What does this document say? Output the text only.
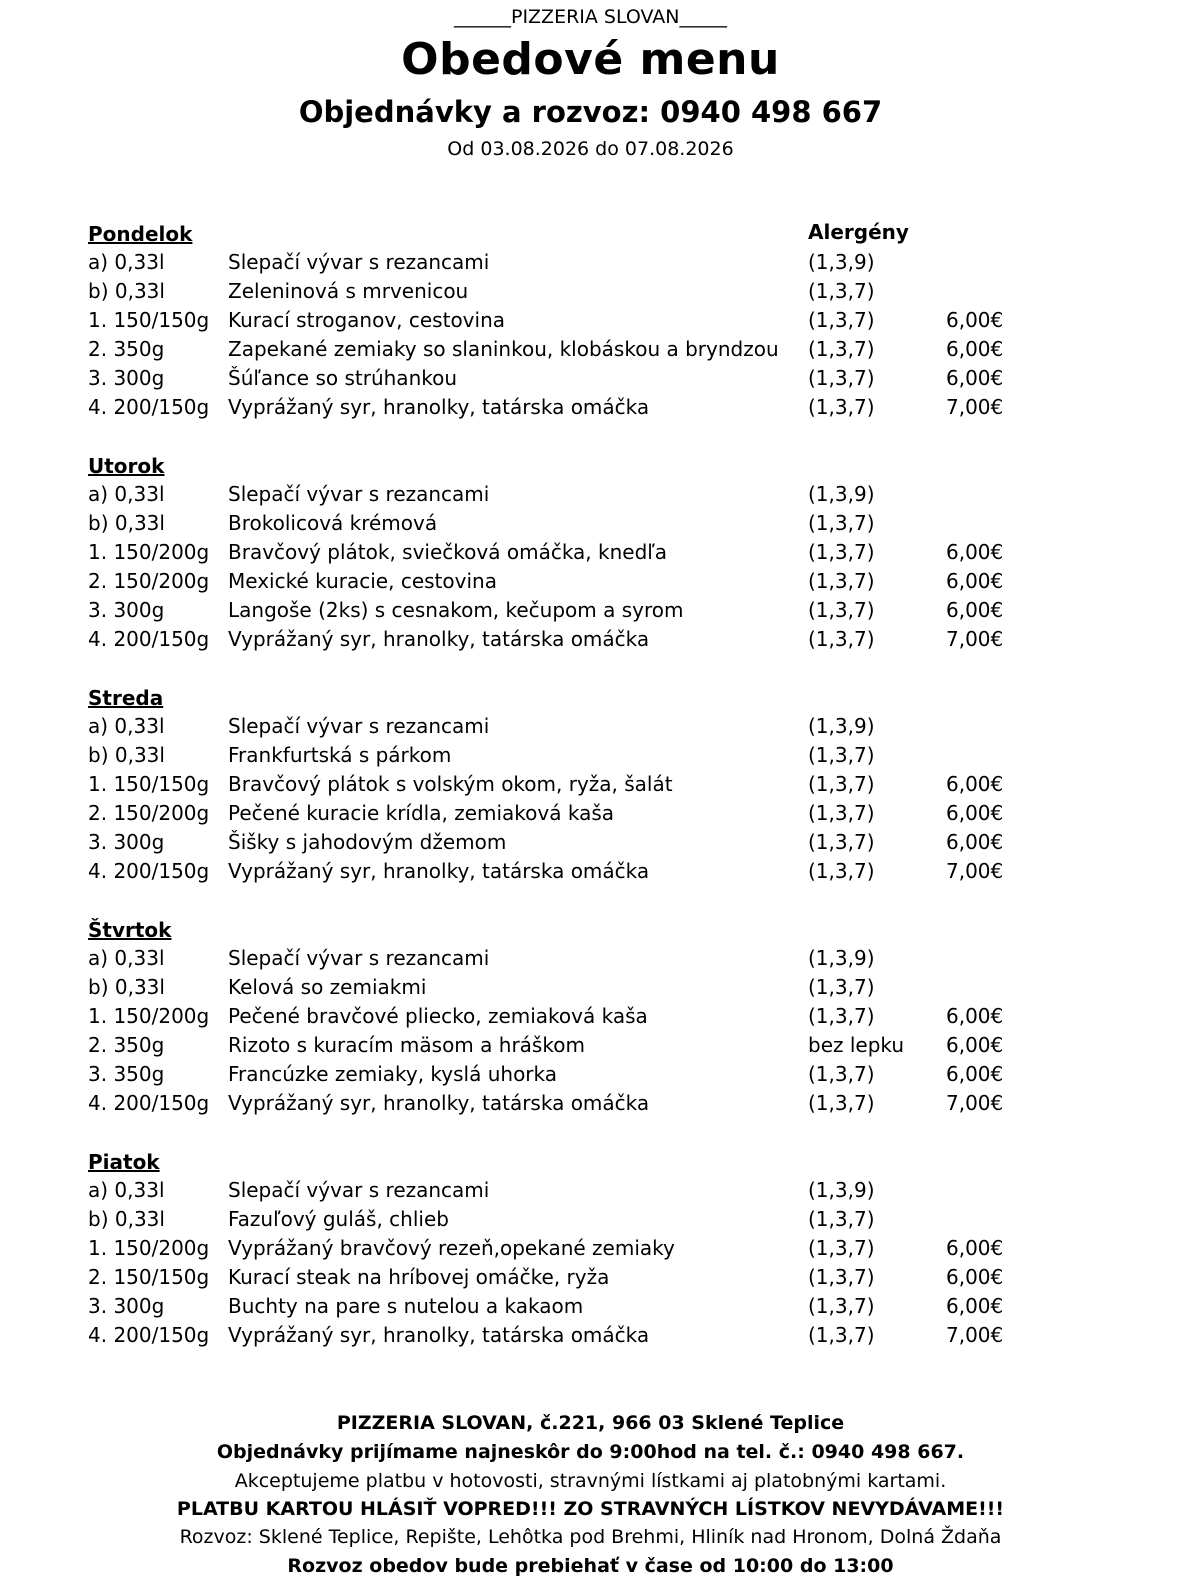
______PIZZERIA SLOVAN_____
Obedové menu
Objednávky a rozvoz: 0940 498 667
Od 03.08.2026 do 07.08.2026
Alergény
Pondelok
a) 0,33l	Slepačí vývar s rezancami	(1,3,9)
b) 0,33l	Zeleninová s mrvenicou	(1,3,7)
1. 150/150g Kurací stroganov, cestovina	(1,3,7)	6,00€
2. 350g	Zapekané zemiaky so slaninkou, klobáskou a bryndzou	(1,3,7)	6,00€
3. 300g	Šúľance so strúhankou	(1,3,7)	6,00€
4. 200/150g Vyprážaný syr, hranolky, tatárska omáčka	(1,3,7)	7,00€
Utorok
a) 0,33l	Slepačí vývar s rezancami	(1,3,9)
b) 0,33l	Brokolicová krémová	(1,3,7)
1. 150/200g Bravčový plátok, sviečková omáčka, knedľa	(1,3,7)	6,00€
2. 150/200g Mexické kuracie, cestovina	(1,3,7)	6,00€
3. 300g	Langoše (2ks) s cesnakom, kečupom a syrom	(1,3,7)	6,00€
4. 200/150g Vyprážaný syr, hranolky, tatárska omáčka	(1,3,7)	7,00€
Streda
a) 0,33l	Slepačí vývar s rezancami	(1,3,9)
b) 0,33l	Frankfurtská s párkom	(1,3,7)
1. 150/150g Bravčový plátok s volským okom, ryža, šalát	(1,3,7)	6,00€
2. 150/200g Pečené kuracie krídla, zemiaková kaša	(1,3,7)	6,00€
3. 300g	Šišky s jahodovým džemom	(1,3,7)	6,00€
4. 200/150g Vyprážaný syr, hranolky, tatárska omáčka	(1,3,7)	7,00€
Štvrtok
a) 0,33l	Slepačí vývar s rezancami	(1,3,9)
b) 0,33l	Kelová so zemiakmi	(1,3,7)
1. 150/200g Pečené bravčové pliecko, zemiaková kaša	(1,3,7)	6,00€
2. 350g	Rizoto s kuracím mäsom a hráškom	bez lepku	6,00€
3. 350g	Francúzke zemiaky, kyslá uhorka	(1,3,7)	6,00€
4. 200/150g Vyprážaný syr, hranolky, tatárska omáčka	(1,3,7)	7,00€
Piatok
a) 0,33l	Slepačí vývar s rezancami	(1,3,9)
b) 0,33l	Fazuľový guláš, chlieb	(1,3,7)
1. 150/200g Vyprážaný bravčový rezeň,opekané zemiaky	(1,3,7)	6,00€
2. 150/150g Kurací steak na hríbovej omáčke, ryža	(1,3,7)	6,00€
3. 300g	Buchty na pare s nutelou a kakaom	(1,3,7)	6,00€
4. 200/150g Vyprážaný syr, hranolky, tatárska omáčka	(1,3,7)	7,00€
PIZZERIA SLOVAN, č.221, 966 03 Sklené Teplice
Objednávky prijímame najneskôr do 9:00hod na tel. č.: 0940 498 667.
Akceptujeme platbu v hotovosti, stravnými lístkami aj platobnými kartami.
PLATBU KARTOU HLÁSIŤ VOPRED!!! ZO STRAVNÝCH LÍSTKOV NEVYDÁVAME!!!
Rozvoz: Sklené Teplice, Repište, Lehôtka pod Brehmi, Hliník nad Hronom, Dolná Ždaňa
Rozvoz obedov bude prebiehať v čase od 10:00 do 13:00
